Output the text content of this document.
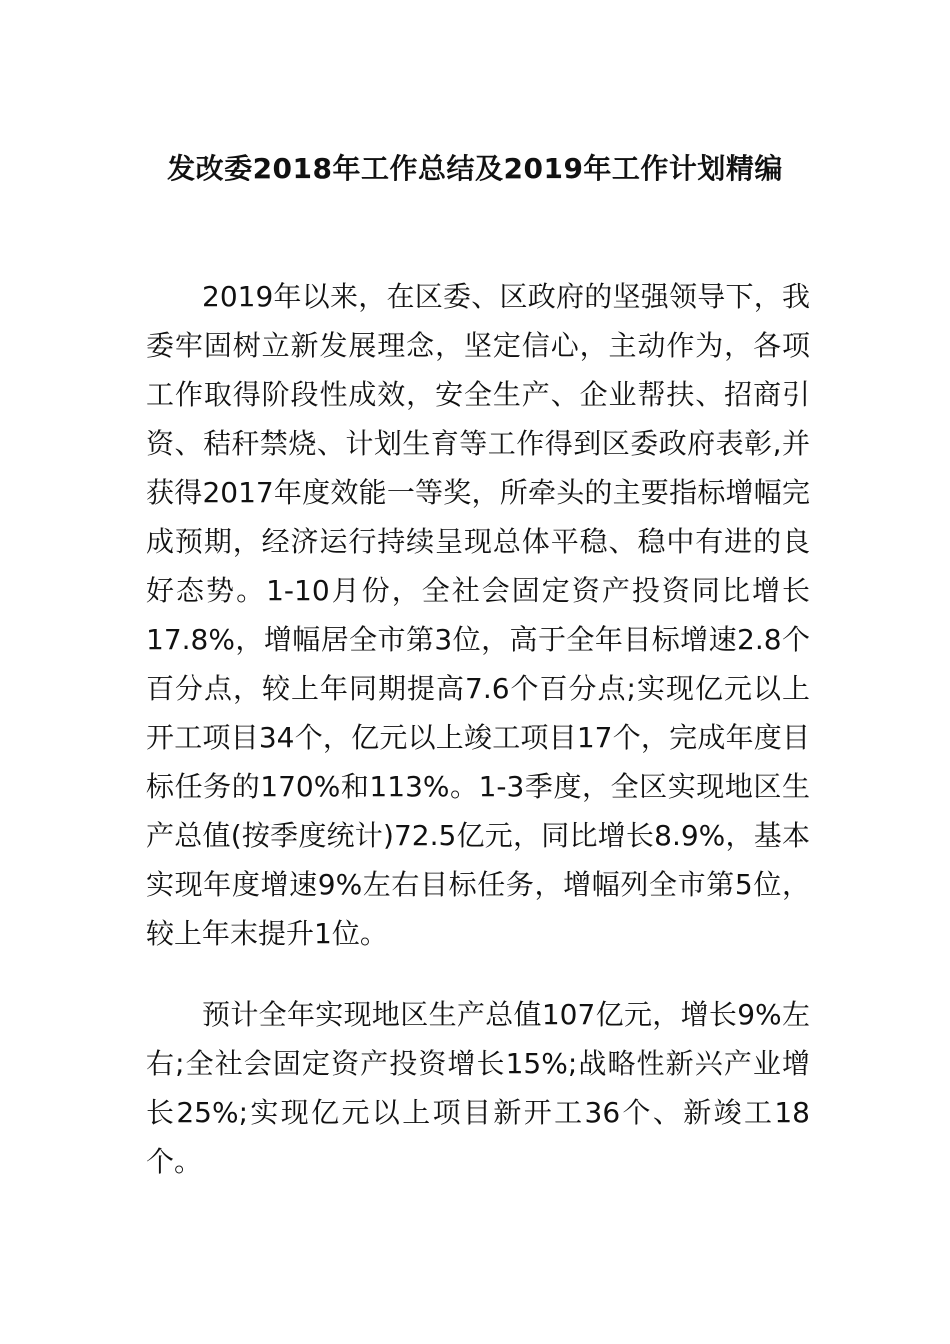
发改委2018年工作总结及2019年工作计划精编

2019年以来，在区委、区政府的坚强领导下，我委牢固树立新发展理念，坚定信心，主动作为，各项工作取得阶段性成效，安全生产、企业帮扶、招商引资、秸秆禁烧、计划生育等工作得到区委政府表彰,并获得2017年度效能一等奖，所牵头的主要指标增幅完成预期，经济运行持续呈现总体平稳、稳中有进的良好态势。1-10月份，全社会固定资产投资同比增长17.8%，增幅居全市第3位，高于全年目标增速2.8个百分点，较上年同期提高7.6个百分点;实现亿元以上开工项目34个，亿元以上竣工项目17个，完成年度目标任务的170%和113%。1-3季度，全区实现地区生产总值(按季度统计)72.5亿元，同比增长8.9%，基本实现年度增速9%左右目标任务，增幅列全市第5位，较上年末提升1位。

预计全年实现地区生产总值107亿元，增长9%左右;全社会固定资产投资增长15%;战略性新兴产业增长25%;实现亿元以上项目新开工36个、新竣工18个。
